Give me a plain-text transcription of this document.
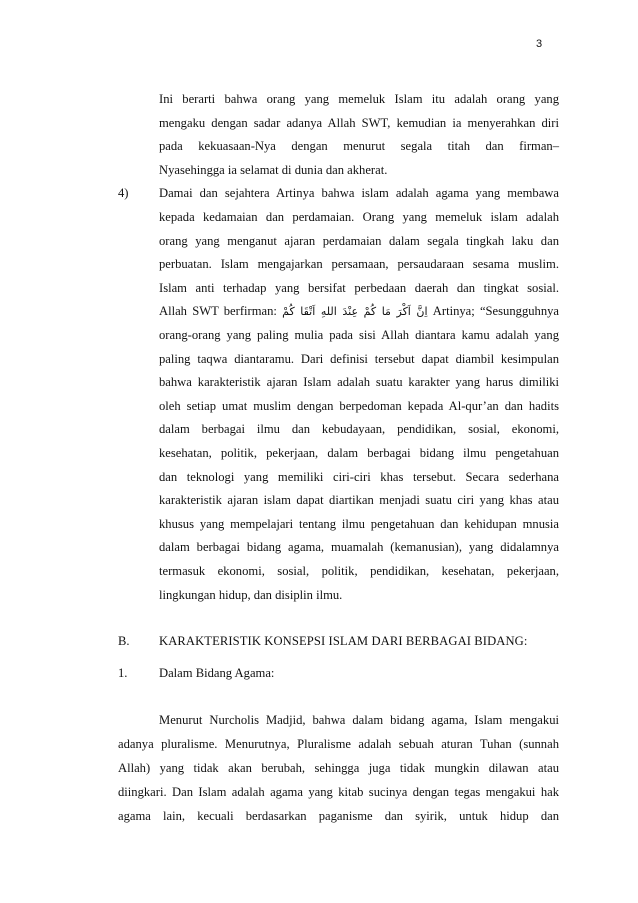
3
Ini berarti bahwa orang yang memeluk Islam itu adalah orang yang
mengaku dengan sadar adanya Allah SWT, kemudian ia menyerahkan diri
pada kekuasaan-Nya dengan menurut segala titah dan firman–
Nyasehingga ia selamat di dunia dan akherat.
4) Damai dan sejahtera Artinya bahwa islam adalah agama yang membawa
kepada kedamaian dan perdamaian. Orang yang memeluk islam adalah
orang yang menganut ajaran perdamaian dalam segala tingkah laku dan
perbuatan. Islam mengajarkan persamaan, persaudaraan sesama muslim.
Islam anti terhadap yang bersifat perbedaan daerah dan tingkat sosial.
Allah SWT berfirman: اِنَّ اَكْرَ مَا كُمْ عِنْدَ اللهِ اَتْقَا كُمْ Artinya; “Sesungguhnya
orang-orang yang paling mulia pada sisi Allah diantara kamu adalah yang
paling taqwa diantaramu. Dari definisi tersebut dapat diambil kesimpulan
bahwa karakteristik ajaran Islam adalah suatu karakter yang harus dimiliki
oleh setiap umat muslim dengan berpedoman kepada Al-qur’an dan hadits
dalam berbagai ilmu dan kebudayaan, pendidikan, sosial, ekonomi,
kesehatan, politik, pekerjaan, dalam berbagai bidang ilmu pengetahuan
dan teknologi yang memiliki ciri-ciri khas tersebut. Secara sederhana
karakteristik ajaran islam dapat diartikan menjadi suatu ciri yang khas atau
khusus yang mempelajari tentang ilmu pengetahuan dan kehidupan mnusia
dalam berbagai bidang agama, muamalah (kemanusian), yang didalamnya
termasuk ekonomi, sosial, politik, pendidikan, kesehatan, pekerjaan,
lingkungan hidup, dan disiplin ilmu.
B. KARAKTERISTIK KONSEPSI ISLAM DARI BERBAGAI BIDANG:
1.	Dalam Bidang Agama:
Menurut Nurcholis Madjid, bahwa dalam bidang agama, Islam mengakui
adanya pluralisme. Menurutnya, Pluralisme adalah sebuah aturan Tuhan (sunnah
Allah) yang tidak akan berubah, sehingga juga tidak mungkin dilawan atau
diingkari. Dan Islam adalah agama yang kitab sucinya dengan tegas mengakui hak
agama lain, kecuali berdasarkan paganisme dan syirik, untuk hidup dan
